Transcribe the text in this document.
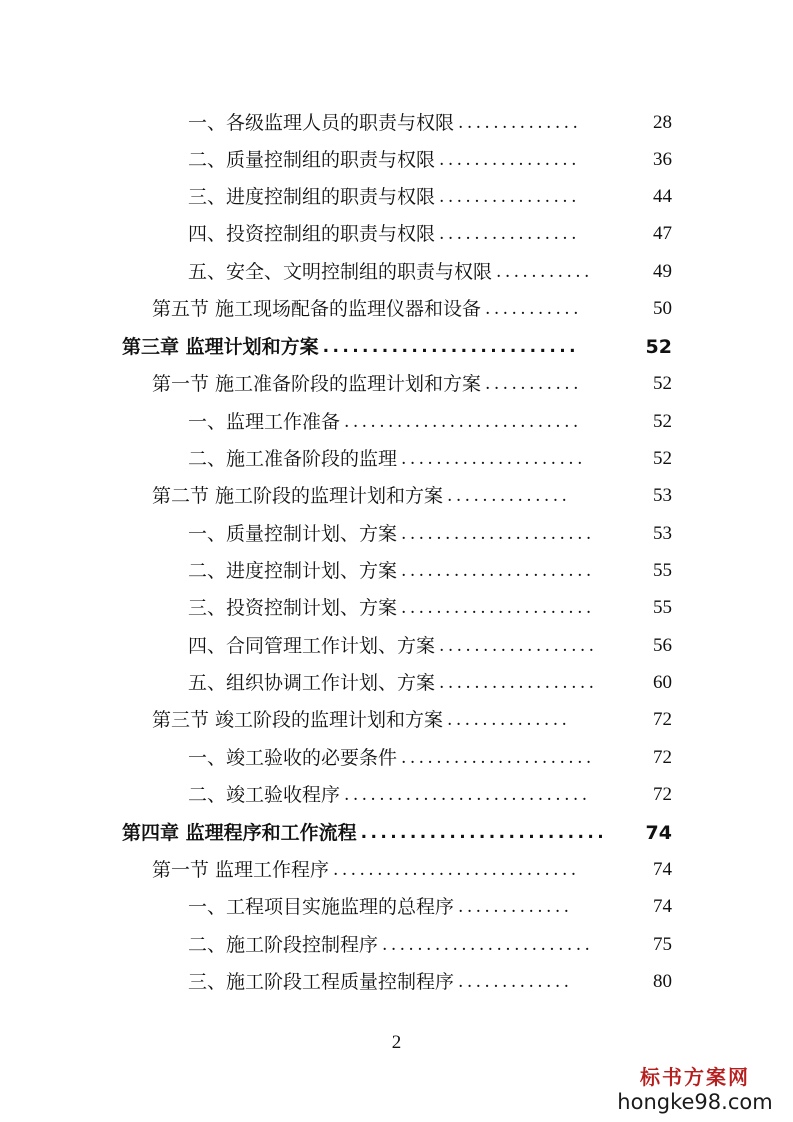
一、各级监理人员的职责与权限 ..............	28
二、质量控制组的职责与权限 ................	36
三、进度控制组的职责与权限 ................	44
四、投资控制组的职责与权限 ................	47
五、安全、文明控制组的职责与权限 ...........	49
第五节 施工现场配备的监理仪器和设备 ...........	50
第三章 监理计划和方案 ..........................	52
第一节 施工准备阶段的监理计划和方案 ...........	52
一、监理工作准备 ...........................	52
二、施工准备阶段的监理 .....................	52
第二节 施工阶段的监理计划和方案 ..............	53
一、质量控制计划、方案 ......................	53
二、进度控制计划、方案 ......................	55
三、投资控制计划、方案 ......................	55
四、合同管理工作计划、方案 ..................	56
五、组织协调工作计划、方案 ..................	60
第三节 竣工阶段的监理计划和方案 ..............	72
一、竣工验收的必要条件 ......................	72
二、竣工验收程序 ............................	72
第四章 监理程序和工作流程 .........................	74
第一节 监理工作程序 ............................	74
一、工程项目实施监理的总程序 .............	74
二、施工阶段控制程序 ........................	75
三、施工阶段工程质量控制程序 .............	80
2
标书方案网
hongke98.com
